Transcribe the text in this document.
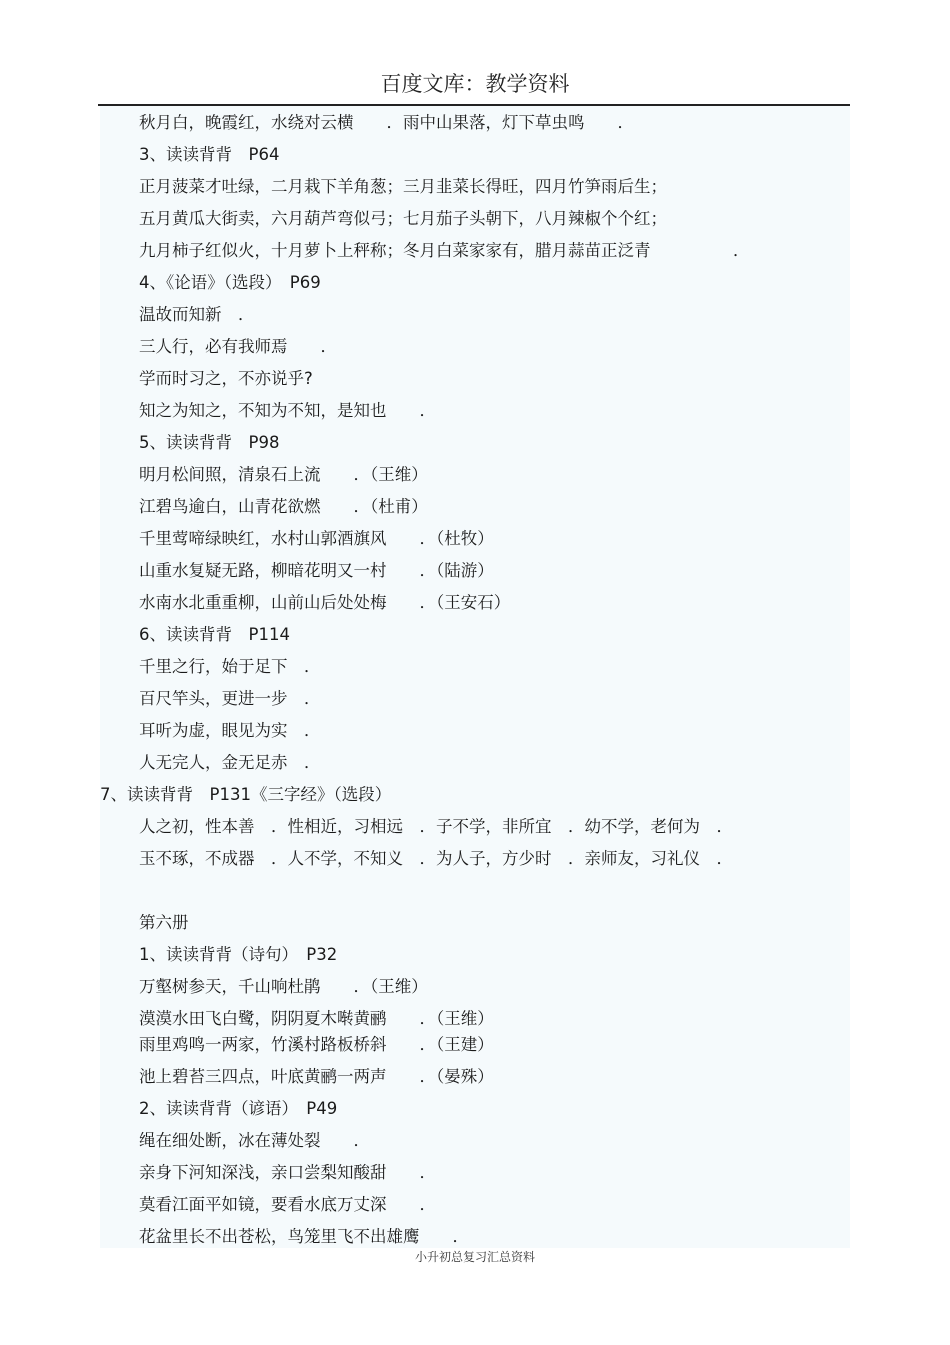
百度文库：教学资料
秋月白，晚霞红，水绕对云横　　．雨中山果落，灯下草虫鸣　　．
3、读读背背　P64
正月菠菜才吐绿，二月栽下羊角葱；三月韭菜长得旺，四月竹笋雨后生；
五月黄瓜大街卖，六月葫芦弯似弓；七月茄子头朝下，八月辣椒个个红；
九月柿子红似火，十月萝卜上秤称；冬月白菜家家有，腊月蒜苗正泛青　　　　　．
4、《论语》（选段）　P69
温故而知新　．
三人行，必有我师焉　　．
学而时习之，不亦说乎?
知之为知之，不知为不知，是知也　　．
5、读读背背　P98
明月松间照，清泉石上流　　．（王维）
江碧鸟逾白，山青花欲燃　　．（杜甫）
千里莺啼绿映红，水村山郭酒旗风　　．（杜牧）
山重水复疑无路，柳暗花明又一村　　．（陆游）
水南水北重重柳，山前山后处处梅　　．（王安石）
6、读读背背　P114
千里之行，始于足下　．
百尺竿头，更进一步　．
耳听为虚，眼见为实　．
人无完人，金无足赤　．
7、读读背背　P131《三字经》（选段）
人之初，性本善　．性相近，习相远　．子不学，非所宜　．幼不学，老何为　．
玉不琢，不成器　．人不学，不知义　．为人子，方少时　．亲师友，习礼仪　．
第六册
1、读读背背（诗句）　P32
万壑树参天，千山响杜鹃　　．（王维）
漠漠水田飞白鹭，阴阴夏木啭黄鹂　　．（王维）
雨里鸡鸣一两家，竹溪村路板桥斜　　．（王建）
池上碧苔三四点，叶底黄鹂一两声　　．（晏殊）
2、读读背背（谚语）　P49
绳在细处断，冰在薄处裂　　．
亲身下河知深浅，亲口尝梨知酸甜　　．
莫看江面平如镜，要看水底万丈深　　．
花盆里长不出苍松，鸟笼里飞不出雄鹰　　．
小升初总复习汇总资料
